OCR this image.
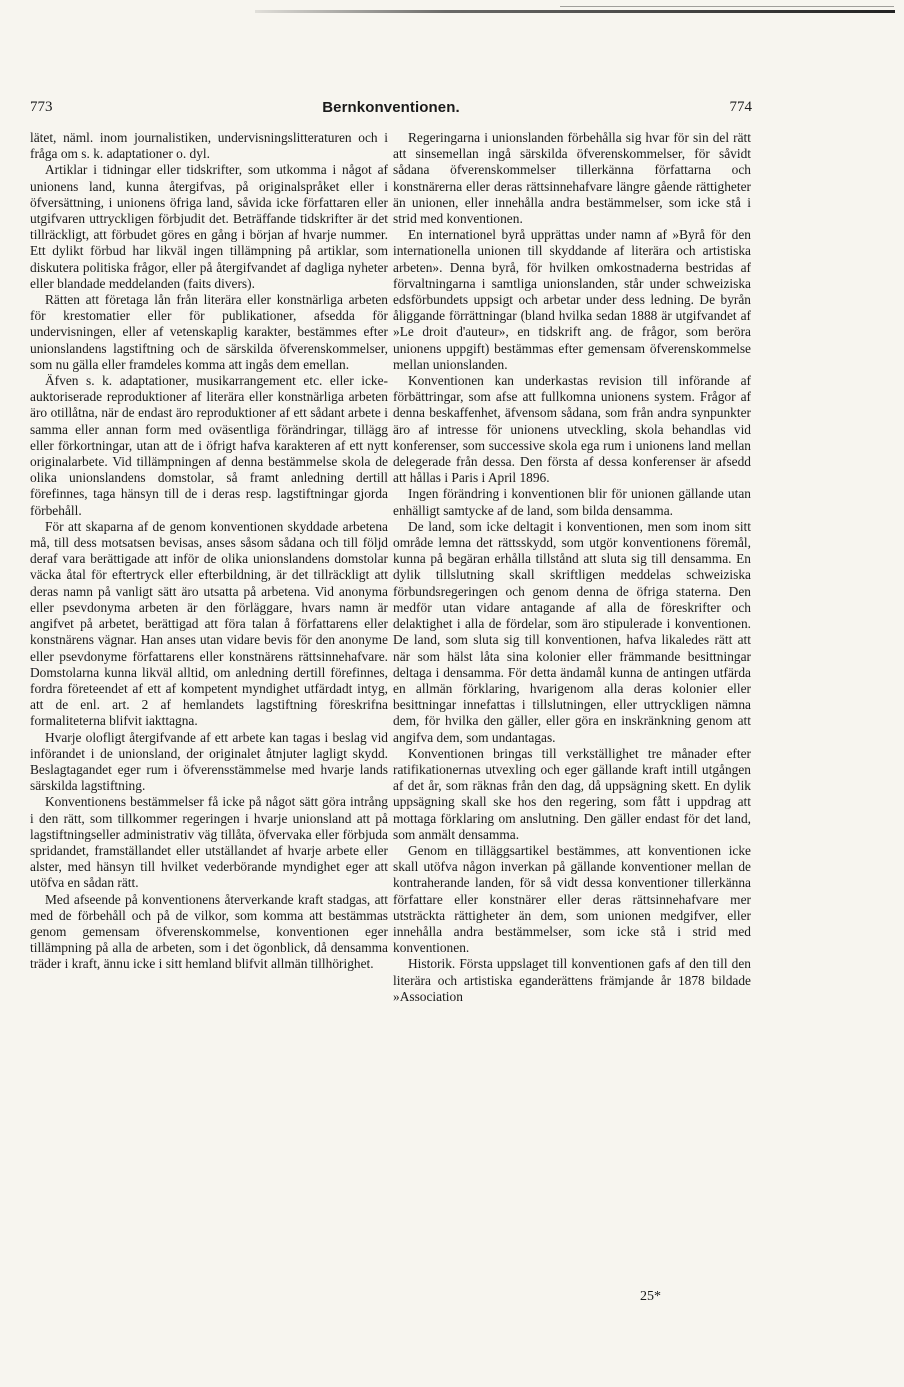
773	Bernkonventionen.	774

lätet, näml. inom journalistiken, undervisningslitteraturen och i fråga om s. k. adaptationer o. dyl.

Artiklar i tidningar eller tidskrifter, som utkomma i något af unionens land, kunna återgifvas, på originalspråket eller i öfversättning, i unionens öfriga land, såvida icke författaren eller utgifvaren uttryckligen förbjudit det. Beträffande tidskrifter är det tillräckligt, att förbudet göres en gång i början af hvarje nummer. Ett dylikt förbud har likväl ingen tillämpning på artiklar, som diskutera politiska frågor, eller på återgifvandet af dagliga nyheter eller blandade meddelanden (faits divers).

Rätten att företaga lån från literära eller konstnärliga arbeten för krestomatier eller för publikationer, afsedda för undervisningen, eller af vetenskaplig karakter, bestämmes efter unionslandens lagstiftning och de särskilda öfverenskommelser, som nu gälla eller framdeles komma att ingås dem emellan.

Äfven s. k. adaptationer, musikarrangement etc. eller icke-auktoriserade reproduktioner af literära eller konstnärliga arbeten äro otillåtna, när de endast äro reproduktioner af ett sådant arbete i samma eller annan form med oväsentliga förändringar, tillägg eller förkortningar, utan att de i öfrigt hafva karakteren af ett nytt originalarbete. Vid tillämpningen af denna bestämmelse skola de olika unionslandens domstolar, så framt anledning dertill förefinnes, taga hänsyn till de i deras resp. lagstiftningar gjorda förbehåll.

För att skaparna af de genom konventionen skyddade arbetena må, till dess motsatsen bevisas, anses såsom sådana och till följd deraf vara berättigade att inför de olika unionslandens domstolar väcka åtal för eftertryck eller efterbildning, är det tillräckligt att deras namn på vanligt sätt äro utsatta på arbetena. Vid anonyma eller psevdonyma arbeten är den förläggare, hvars namn är angifvet på arbetet, berättigad att föra talan å författarens eller konstnärens vägnar. Han anses utan vidare bevis för den anonyme eller psevdonyme författarens eller konstnärens rättsinnehafvare. Domstolarna kunna likväl alltid, om anledning dertill förefinnes, fordra företeendet af ett af kompetent myndighet utfärdadt intyg, att de enl. art. 2 af hemlandets lagstiftning föreskrifna formaliteterna blifvit iakttagna.

Hvarje olofligt återgifvande af ett arbete kan tagas i beslag vid införandet i de unionsland, der originalet åtnjuter lagligt skydd. Beslagtagandet eger rum i öfverensstämmelse med hvarje lands särskilda lagstiftning.

Konventionens bestämmelser få icke på något sätt göra intrång i den rätt, som tillkommer regeringen i hvarje unionsland att på lagstiftningseller administrativ väg tillåta, öfvervaka eller förbjuda spridandet, framställandet eller utställandet af hvarje arbete eller alster, med hänsyn till hvilket vederbörande myndighet eger att utöfva en sådan rätt.

Med afseende på konventionens återverkande kraft stadgas, att med de förbehåll och på de vilkor, som komma att bestämmas genom gemensam öfverenskommelse, konventionen eger tillämpning på alla de arbeten, som i det ögonblick, då densamma träder i kraft, ännu icke i sitt hemland blifvit allmän tillhörighet.

Regeringarna i unionslanden förbehålla sig hvar för sin del rätt att sinsemellan ingå särskilda öfverenskommelser, för såvidt sådana öfverenskommelser tillerkänna författarna och konstnärerna eller deras rättsinnehafvare längre gående rättigheter än unionen, eller innehålla andra bestämmelser, som icke stå i strid med konventionen.

En internationel byrå upprättas under namn af »Byrå för den internationella unionen till skyddande af literära och artistiska arbeten». Denna byrå, för hvilken omkostnaderna bestridas af förvaltningarna i samtliga unionslanden, står under schweiziska edsförbundets uppsigt och arbetar under dess ledning. De byrån åliggande förrättningar (bland hvilka sedan 1888 är utgifvandet af »Le droit d'auteur», en tidskrift ang. de frågor, som beröra unionens uppgift) bestämmas efter gemensam öfverenskommelse mellan unionslanden.

Konventionen kan underkastas revision till införande af förbättringar, som afse att fullkomna unionens system. Frågor af denna beskaffenhet, äfvensom sådana, som från andra synpunkter äro af intresse för unionens utveckling, skola behandlas vid konferenser, som successive skola ega rum i unionens land mellan delegerade från dessa. Den första af dessa konferenser är afsedd att hållas i Paris i April 1896.

Ingen förändring i konventionen blir för unionen gällande utan enhälligt samtycke af de land, som bilda densamma.

De land, som icke deltagit i konventionen, men som inom sitt område lemna det rättsskydd, som utgör konventionens föremål, kunna på begäran erhålla tillstånd att sluta sig till densamma. En dylik tillslutning skall skriftligen meddelas schweiziska förbundsregeringen och genom denna de öfriga staterna. Den medför utan vidare antagande af alla de föreskrifter och delaktighet i alla de fördelar, som äro stipulerade i konventionen. De land, som sluta sig till konventionen, hafva likaledes rätt att när som hälst låta sina kolonier eller främmande besittningar deltaga i densamma. För detta ändamål kunna de antingen utfärda en allmän förklaring, hvarigenom alla deras kolonier eller besittningar innefattas i tillslutningen, eller uttryckligen nämna dem, för hvilka den gäller, eller göra en inskränkning genom att angifva dem, som undantagas.

Konventionen bringas till verkställighet tre månader efter ratifikationernas utvexling och eger gällande kraft intill utgången af det år, som räknas från den dag, då uppsägning skett. En dylik uppsägning skall ske hos den regering, som fått i uppdrag att mottaga förklaring om anslutning. Den gäller endast för det land, som anmält densamma.

Genom en tilläggsartikel bestämmes, att konventionen icke skall utöfva någon inverkan på gällande konventioner mellan de kontraherande landen, för så vidt dessa konventioner tillerkänna författare eller konstnärer eller deras rättsinnehafvare mer utsträckta rättigheter än dem, som unionen medgifver, eller innehålla andra bestämmelser, som icke stå i strid med konventionen.

Historik. Första uppslaget till konventionen gafs af den till den literära och artistiska eganderättens främjande år 1878 bildade »Association

25*
